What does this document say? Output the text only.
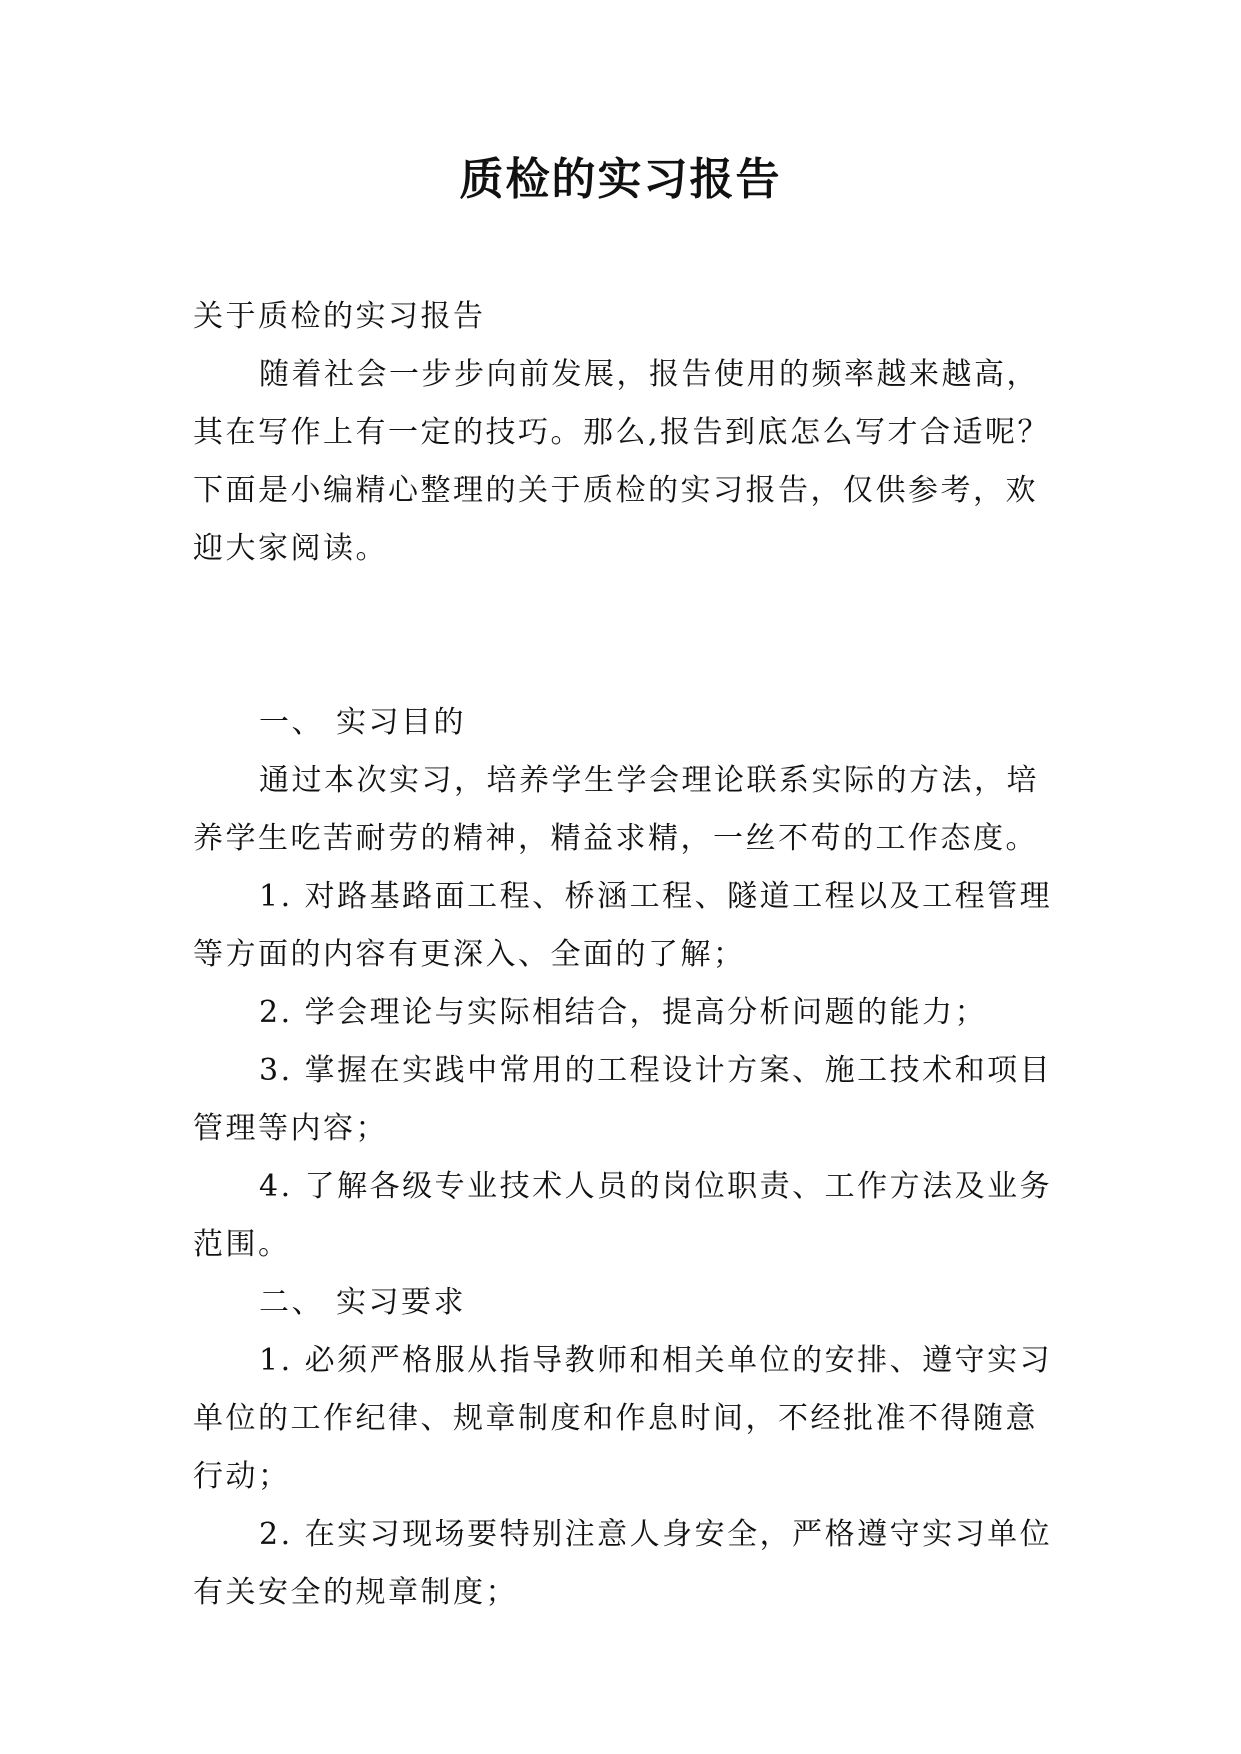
质检的实习报告

关于质检的实习报告

随着社会一步步向前发展，报告使用的频率越来越高，其在写作上有一定的技巧。那么,报告到底怎么写才合适呢？下面是小编精心整理的关于质检的实习报告，仅供参考，欢迎大家阅读。

一、 实习目的

通过本次实习，培养学生学会理论联系实际的方法，培养学生吃苦耐劳的精神，精益求精，一丝不苟的工作态度。

1. 对路基路面工程、桥涵工程、隧道工程以及工程管理等方面的内容有更深入、全面的了解；

2. 学会理论与实际相结合，提高分析问题的能力；

3. 掌握在实践中常用的工程设计方案、施工技术和项目管理等内容；

4. 了解各级专业技术人员的岗位职责、工作方法及业务范围。

二、 实习要求

1. 必须严格服从指导教师和相关单位的安排、遵守实习单位的工作纪律、规章制度和作息时间，不经批准不得随意行动；

2. 在实习现场要特别注意人身安全，严格遵守实习单位有关安全的规章制度；
